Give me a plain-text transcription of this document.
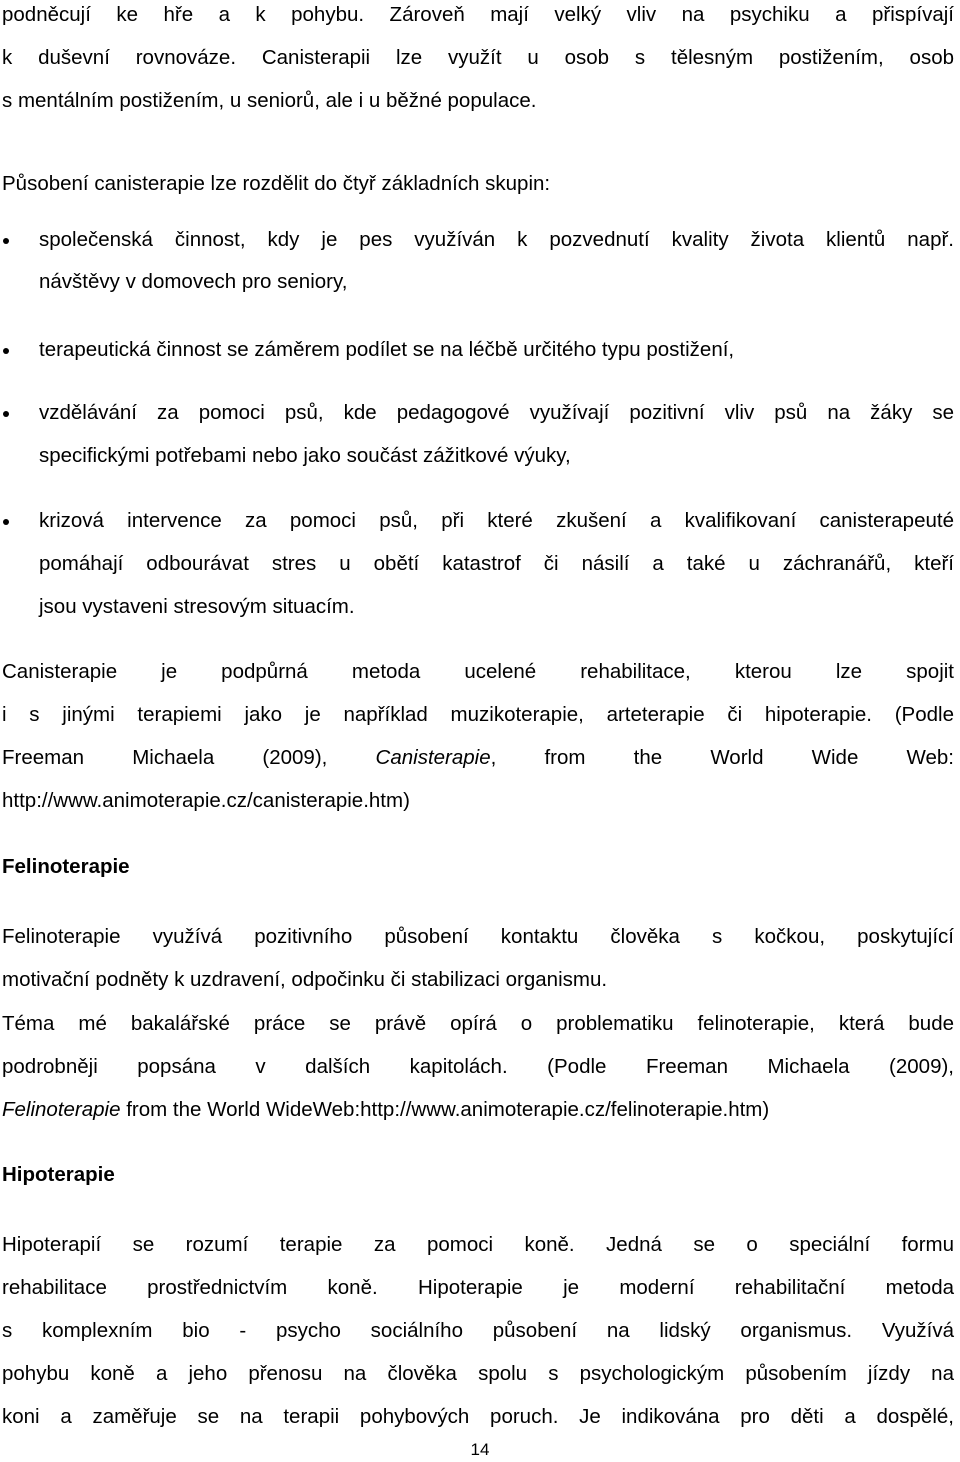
podněcují ke hře a k pohybu. Zároveň mají velký vliv na psychiku a přispívají

k duševní rovnováze. Canisterapii lze využít u osob s tělesným postižením, osob

s mentálním postižením, u seniorů, ale i u běžné populace.

Působení canisterapie lze rozdělit do čtyř základních skupin:

společenská činnost, kdy je pes využíván k pozvednutí kvality života klientů např.

návštěvy v domovech pro seniory,

terapeutická činnost se záměrem podílet se na léčbě určitého typu postižení,

vzdělávání za pomoci psů, kde pedagogové využívají pozitivní vliv psů na žáky se

specifickými potřebami nebo jako součást zážitkové výuky,

krizová intervence za pomoci psů, při které zkušení a kvalifikovaní canisterapeuté

pomáhají odbourávat stres u obětí katastrof či násilí a také u záchranářů, kteří

jsou vystaveni stresovým situacím.

Canisterapie je podpůrná metoda ucelené rehabilitace, kterou lze spojit

i s jinými terapiemi jako je například muzikoterapie, arteterapie či hipoterapie. (Podle

Freeman Michaela (2009), Canisterapie, from the World Wide Web:

http://www.animoterapie.cz/canisterapie.htm)

Felinoterapie

Felinoterapie využívá pozitivního působení kontaktu člověka s kočkou, poskytující

motivační podněty k uzdravení, odpočinku či stabilizaci organismu.

Téma mé bakalářské práce se právě opírá o problematiku felinoterapie, která bude

podrobněji popsána v dalších kapitolách. (Podle Freeman Michaela (2009),

Felinoterapie from the World WideWeb:http://www.animoterapie.cz/felinoterapie.htm)

Hipoterapie

Hipoterapií se rozumí terapie za pomoci koně. Jedná se o speciální formu

rehabilitace prostřednictvím koně. Hipoterapie je moderní rehabilitační metoda

s komplexním bio - psycho sociálního působení na lidský organismus. Využívá

pohybu koně a jeho přenosu na člověka spolu s psychologickým působením jízdy na

koni a zaměřuje se na terapii pohybových poruch. Je indikována pro děti a dospělé,

14
